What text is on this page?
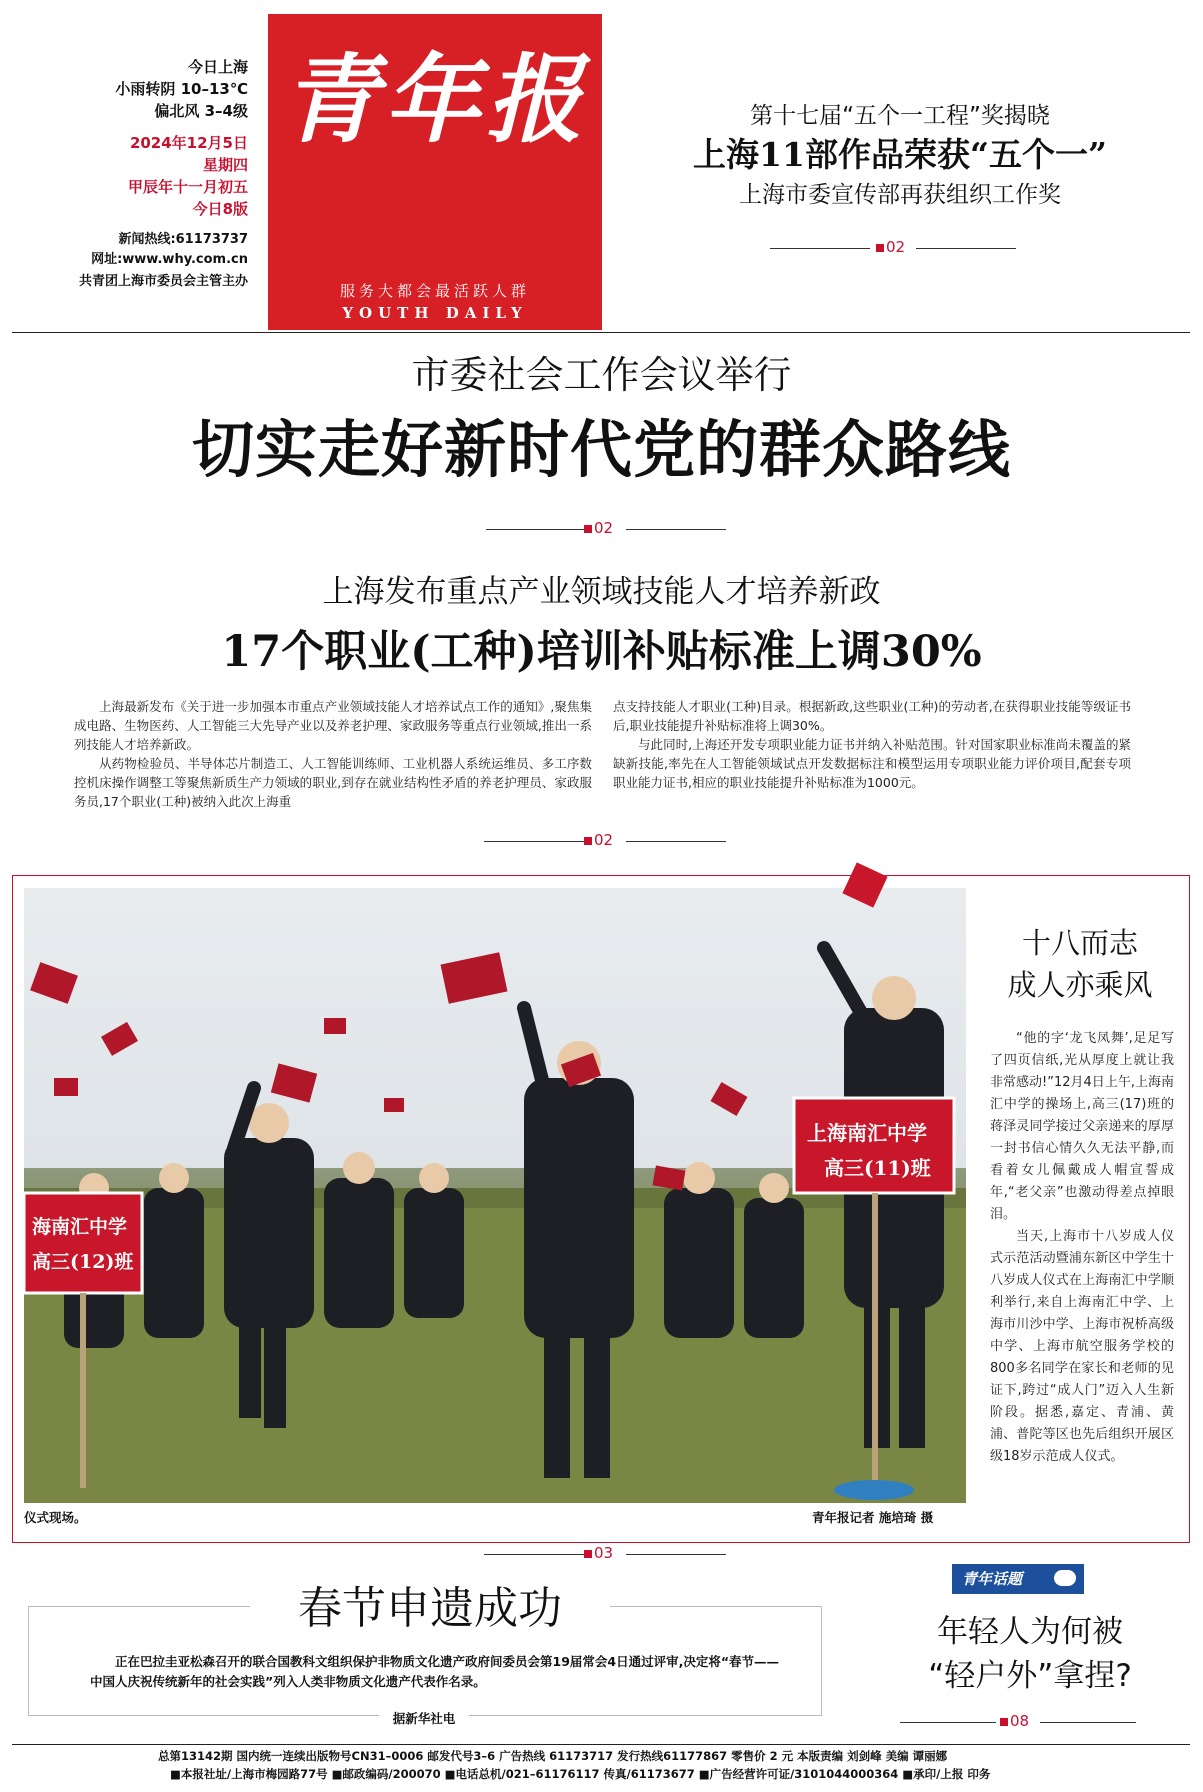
今日上海
小雨转阴 10–13℃
偏北风 3–4级
2024年12月5日
星期四
甲辰年十一月初五
今日8版
新闻热线:61173737
网址:www.why.com.cn
共青团上海市委员会主管主办
青年报
服务大都会最活跃人群
YOUTH DAILY
第十七届“五个一工程”奖揭晓
上海11部作品荣获“五个一”
上海市委宣传部再获组织工作奖
02
市委社会工作会议举行
切实走好新时代党的群众路线
02
上海发布重点产业领域技能人才培养新政
17个职业(工种)培训补贴标准上调30%
上海最新发布《关于进一步加强本市重点产业领域技能人才培养试点工作的通知》,聚焦集成电路、生物医药、人工智能三大先导产业以及养老护理、家政服务等重点行业领域,推出一系列技能人才培养新政。
从药物检验员、半导体芯片制造工、人工智能训练师、工业机器人系统运维员、多工序数控机床操作调整工等聚焦新质生产力领域的职业,到存在就业结构性矛盾的养老护理员、家政服务员,17个职业(工种)被纳入此次上海重
点支持技能人才职业(工种)目录。根据新政,这些职业(工种)的劳动者,在获得职业技能等级证书后,职业技能提升补贴标准将上调30%。
与此同时,上海还开发专项职业能力证书并纳入补贴范围。针对国家职业标准尚未覆盖的紧缺新技能,率先在人工智能领域试点开发数据标注和模型运用专项职业能力评价项目,配套专项职业能力证书,相应的职业技能提升补贴标准为1000元。
02
海南汇中学
高三(12)班
上海南汇中学
高三(11)班
仪式现场。	青年报记者 施培琦 摄
十八而志
成人亦乘风
“他的字‘龙飞凤舞’,足足写了四页信纸,光从厚度上就让我非常感动!”12月4日上午,上海南汇中学的操场上,高三(17)班的蒋泽灵同学接过父亲递来的厚厚一封书信心情久久无法平静,而看着女儿佩戴成人帽宣誓成年,“老父亲”也激动得差点掉眼泪。
当天,上海市十八岁成人仪式示范活动暨浦东新区中学生十八岁成人仪式在上海南汇中学顺利举行,来自上海南汇中学、上海市川沙中学、上海市祝桥高级中学、上海市航空服务学校的800多名同学在家长和老师的见证下,跨过“成人门”迈入人生新阶段。据悉,嘉定、青浦、黄浦、普陀等区也先后组织开展区级18岁示范成人仪式。
03
春节申遗成功
正在巴拉圭亚松森召开的联合国教科文组织保护非物质文化遗产政府间委员会第19届常会4日通过评审,决定将“春节——中国人庆祝传统新年的社会实践”列入人类非物质文化遗产代表作名录。
据新华社电
青年话题
年轻人为何被
“轻户外”拿捏?
08
总第13142期 国内统一连续出版物号CN31–0006 邮发代号3–6 广告热线 61173717 发行热线61177867 零售价 2 元 本版责编 刘剑峰 美编 谭丽娜
■本报社址/上海市梅园路77号 ■邮政编码/200070 ■电话总机/021–61176117 传真/61173677 ■广告经营许可证/3101044000364 ■承印/上报 印务
